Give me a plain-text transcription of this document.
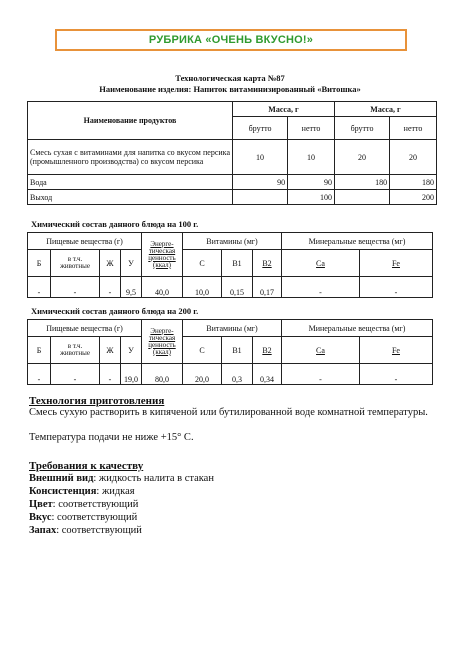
РУБРИКА «ОЧЕНЬ ВКУСНО!»
Технологическая карта №87
Наименование изделия: Напиток витаминизированный «Витошка»
Наименование продуктов	Масса, г		Масса, г	
	брутто	нетто	брутто	нетто
Смесь сухая с витаминами для напитка со вкусом персика (промышленного производства) со вкусом персика	10	10	20	20
Вода	90	90	180	180
Выход		100		200
Химический состав данного блюда на 100 г.
Пищевые вещества (г)				Энерге-тическая ценность (ккал)	Витамины (мг)			Минеральные вещества (мг)	
Б	в т.ч. животные	Ж	У		С	В1	В2	Са	Fe
-	-	-	9,5	40,0	10,0	0,15	0,17	-	-
Химический состав данного блюда на 200 г.
Пищевые вещества (г)				Энерге-тическая ценность (ккал)	Витамины (мг)			Минеральные вещества (мг)	
Б	в т.ч. животные	Ж	У		С	В1	В2	Са	Fe
-	-	-	19,0	80,0	20,0	0,3	0,34	-	-
Технология приготовления
Смесь сухую растворить в кипяченой или бутилированной воде комнатной температуры.
Температура подачи не ниже +15° С.
Требования к качеству
Внешний вид: жидкость налита в стакан
Консистенция: жидкая
Цвет: соответствующий
Вкус: соответствующий
Запах: соответствующий
